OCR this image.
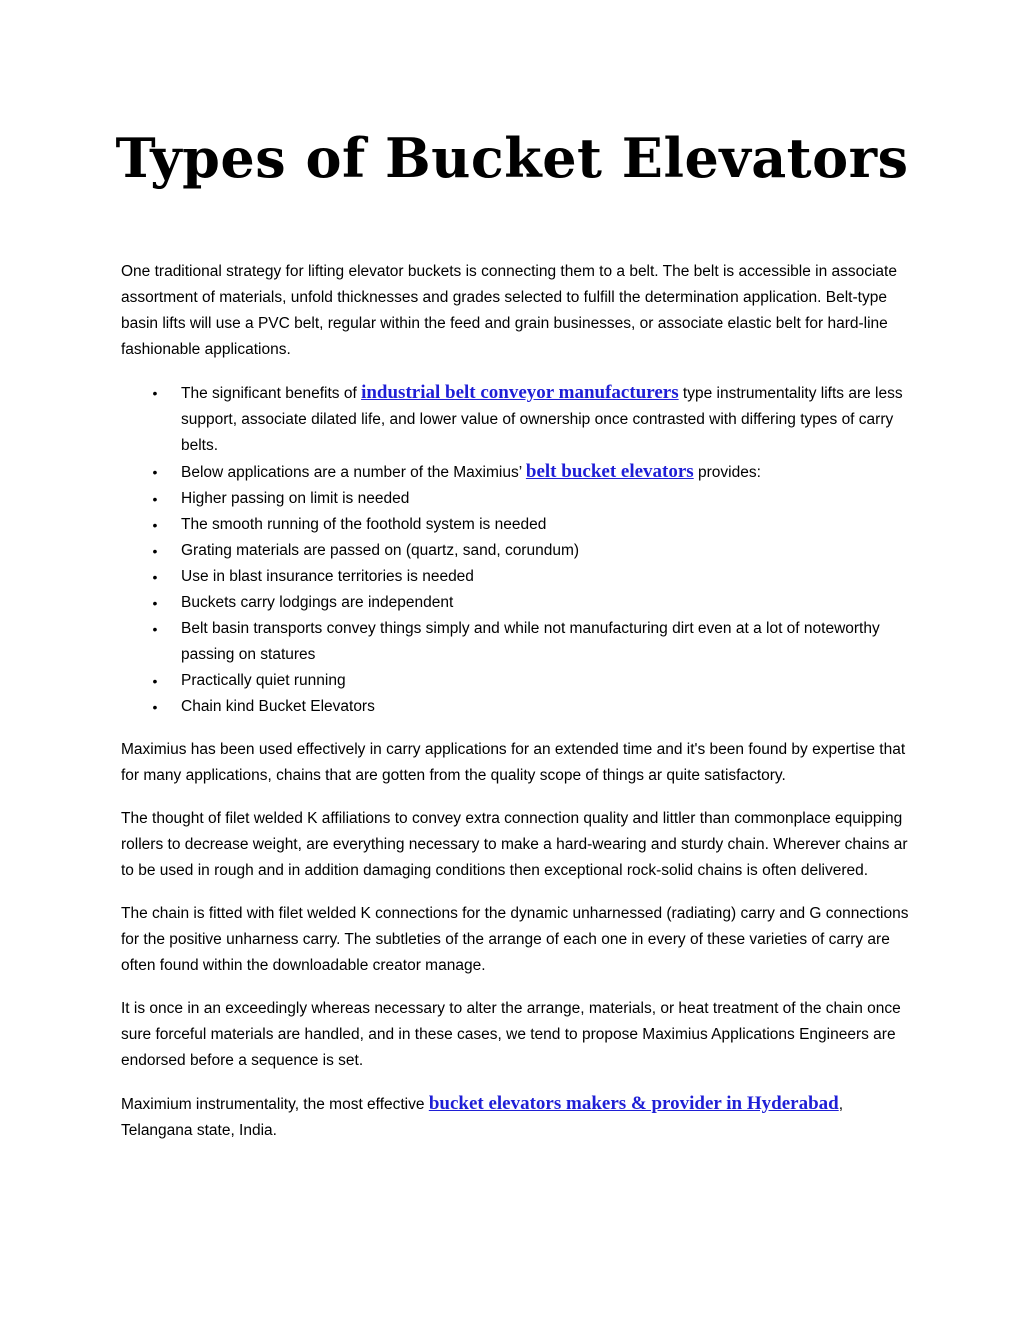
Types of Bucket Elevators

One traditional strategy for lifting elevator buckets is connecting them to a belt. The belt is accessible in associate assortment of materials, unfold thicknesses and grades selected to fulfill the determination application. Belt-type basin lifts will use a PVC belt, regular within the feed and grain businesses, or associate elastic belt for hard-line fashionable applications.

• The significant benefits of industrial belt conveyor manufacturers type instrumentality lifts are less support, associate dilated life, and lower value of ownership once contrasted with differing types of carry belts.
• Below applications are a number of the Maximius’ belt bucket elevators provides:
• Higher passing on limit is needed
• The smooth running of the foothold system is needed
• Grating materials are passed on (quartz, sand, corundum)
• Use in blast insurance territories is needed
• Buckets carry lodgings are independent
• Belt basin transports convey things simply and while not manufacturing dirt even at a lot of noteworthy passing on statures
• Practically quiet running
• Chain kind Bucket Elevators

Maximius has been used effectively in carry applications for an extended time and it's been found by expertise that for many applications, chains that are gotten from the quality scope of things ar quite satisfactory.

The thought of filet welded K affiliations to convey extra connection quality and littler than commonplace equipping rollers to decrease weight, are everything necessary to make a hard-wearing and sturdy chain. Wherever chains ar to be used in rough and in addition damaging conditions then exceptional rock-solid chains is often delivered.

The chain is fitted with filet welded K connections for the dynamic unharnessed (radiating) carry and G connections for the positive unharness carry. The subtleties of the arrange of each one in every of these varieties of carry are often found within the downloadable creator manage.

It is once in an exceedingly whereas necessary to alter the arrange, materials, or heat treatment of the chain once sure forceful materials are handled, and in these cases, we tend to propose Maximius Applications Engineers are endorsed before a sequence is set.

Maximium instrumentality, the most effective bucket elevators makers & provider in Hyderabad, Telangana state, India.
